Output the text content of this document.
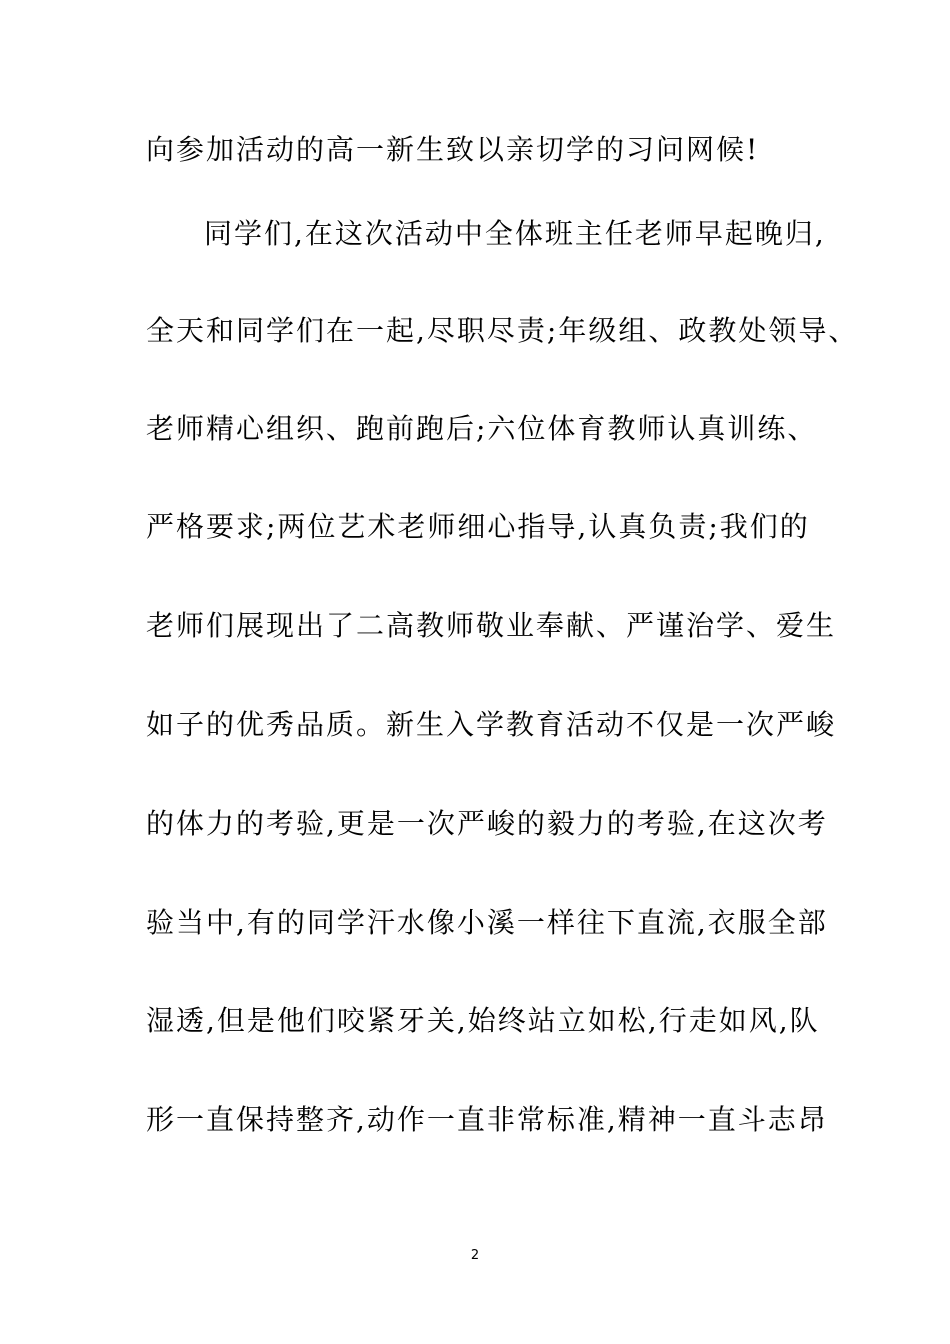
向参加活动的高一新生致以亲切学的习问网候!
同学们,在这次活动中全体班主任老师早起晚归,
全天和同学们在一起,尽职尽责;年级组、政教处领导、
老师精心组织、跑前跑后;六位体育教师认真训练、
严格要求;两位艺术老师细心指导,认真负责;我们的
老师们展现出了二高教师敬业奉献、严谨治学、爱生
如子的优秀品质。新生入学教育活动不仅是一次严峻
的体力的考验,更是一次严峻的毅力的考验,在这次考
验当中,有的同学汗水像小溪一样往下直流,衣服全部
湿透,但是他们咬紧牙关,始终站立如松,行走如风,队
形一直保持整齐,动作一直非常标准,精神一直斗志昂
2
